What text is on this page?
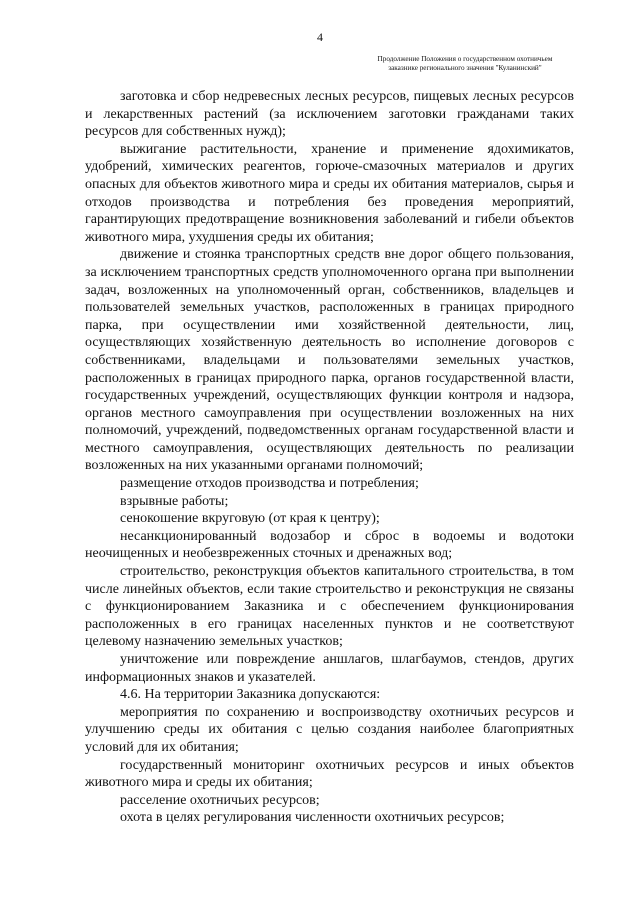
4
Продолжение Положения о государственном охотничьем
заказнике регионального значения "Куланинский"

заготовка и сбор недревесных лесных ресурсов, пищевых лесных ресурсов и лекарственных растений (за исключением заготовки гражданами таких ресурсов для собственных нужд);

выжигание растительности, хранение и применение ядохимикатов, удобрений, химических реагентов, горюче-смазочных материалов и других опасных для объектов животного мира и среды их обитания материалов, сырья и отходов производства и потребления без проведения мероприятий, гарантирующих предотвращение возникновения заболеваний и гибели объектов животного мира, ухудшения среды их обитания;

движение и стоянка транспортных средств вне дорог общего пользования, за исключением транспортных средств уполномоченного органа при выполнении задач, возложенных на уполномоченный орган, собственников, владельцев и пользователей земельных участков, расположенных в границах природного парка, при осуществлении ими хозяйственной деятельности, лиц, осуществляющих хозяйственную деятельность во исполнение договоров с собственниками, владельцами и пользователями земельных участков, расположенных в границах природного парка, органов государственной власти, государственных учреждений, осуществляющих функции контроля и надзора, органов местного самоуправления при осуществлении возложенных на них полномочий, учреждений, подведомственных органам государственной власти и местного самоуправления, осуществляющих деятельность по реализации возложенных на них указанными органами полномочий;

размещение отходов производства и потребления;

взрывные работы;

сенокошение вкруговую (от края к центру);

несанкционированный водозабор и сброс в водоемы и водотоки неочищенных и необезвреженных сточных и дренажных вод;

строительство, реконструкция объектов капитального строительства, в том числе линейных объектов, если такие строительство и реконструкция не связаны с функционированием Заказника и с обеспечением функционирования расположенных в его границах населенных пунктов и не соответствуют целевому назначению земельных участков;

уничтожение или повреждение аншлагов, шлагбаумов, стендов, других информационных знаков и указателей.

4.6. На территории Заказника допускаются:

мероприятия по сохранению и воспроизводству охотничьих ресурсов и улучшению среды их обитания с целью создания наиболее благоприятных условий для их обитания;

государственный мониторинг охотничьих ресурсов и иных объектов животного мира и среды их обитания;

расселение охотничьих ресурсов;

охота в целях регулирования численности охотничьих ресурсов;
